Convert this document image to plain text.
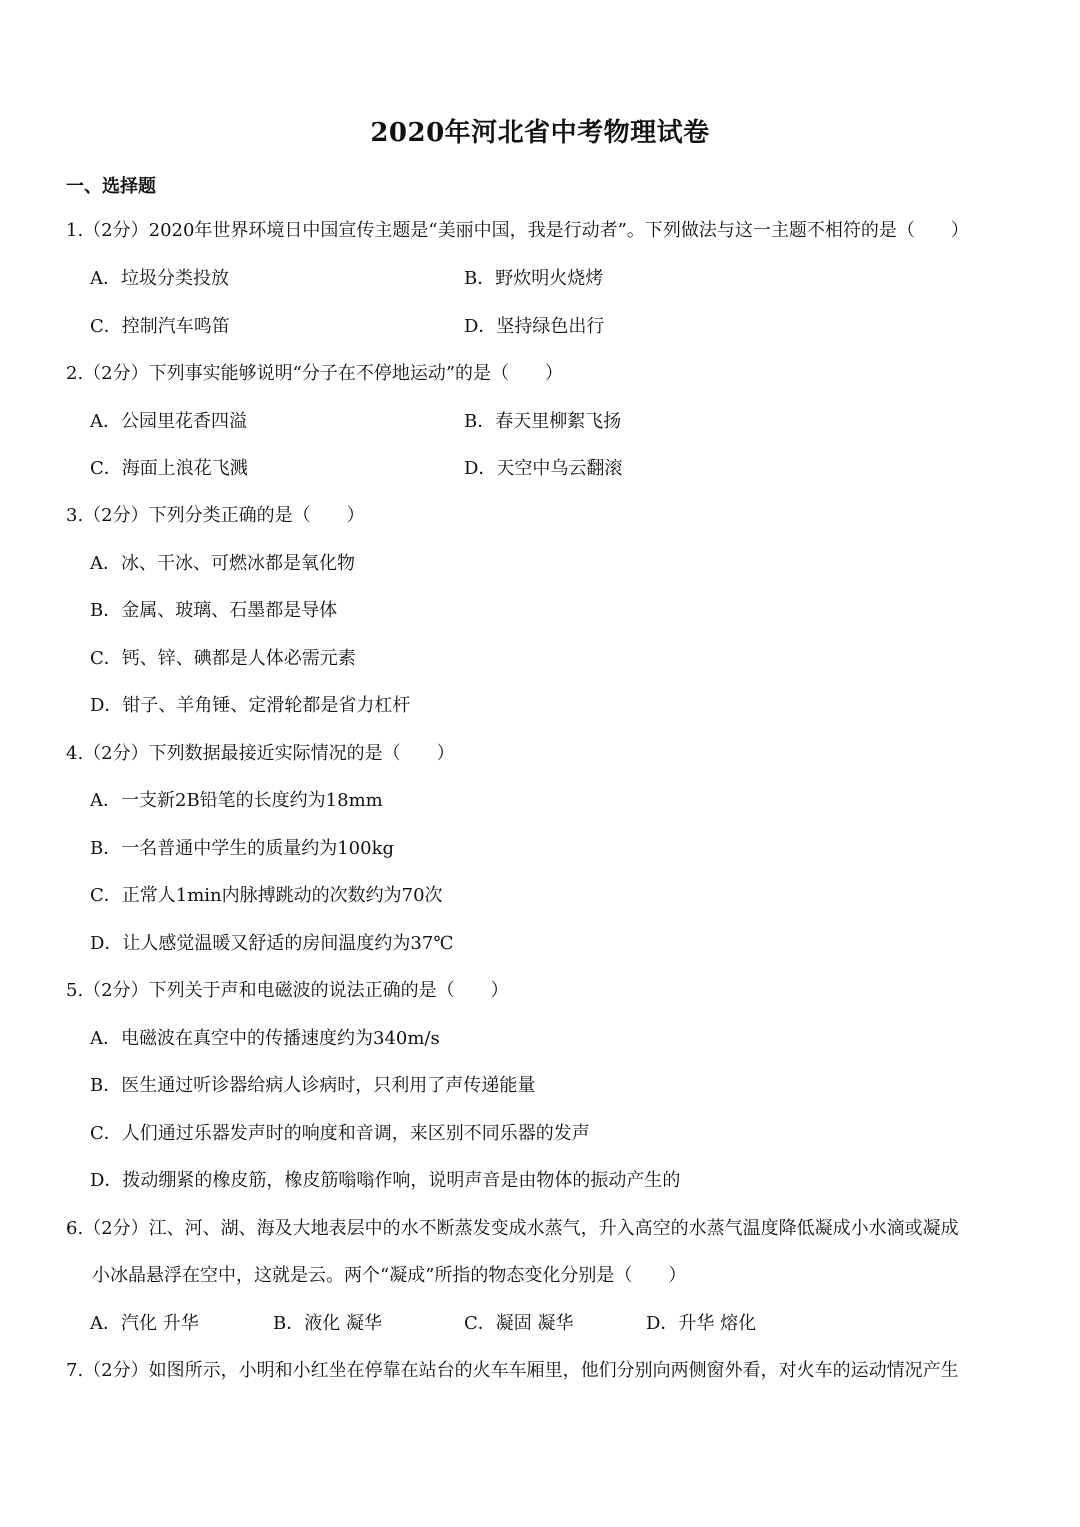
2020年河北省中考物理试卷
一、选择题
1.（2分）2020年世界环境日中国宣传主题是“美丽中国，我是行动者”。下列做法与这一主题不相符的是（　　）
A．垃圾分类投放	B．野炊明火烧烤
C．控制汽车鸣笛	D．坚持绿色出行
2.（2分）下列事实能够说明“分子在不停地运动”的是（　　）
A．公园里花香四溢	B．春天里柳絮飞扬
C．海面上浪花飞溅	D．天空中乌云翻滚
3.（2分）下列分类正确的是（　　）
A．冰、干冰、可燃冰都是氧化物
B．金属、玻璃、石墨都是导体
C．钙、锌、碘都是人体必需元素
D．钳子、羊角锤、定滑轮都是省力杠杆
4.（2分）下列数据最接近实际情况的是（　　）
A．一支新2B铅笔的长度约为18mm
B．一名普通中学生的质量约为100kg
C．正常人1min内脉搏跳动的次数约为70次
D．让人感觉温暖又舒适的房间温度约为37℃
5.（2分）下列关于声和电磁波的说法正确的是（　　）
A．电磁波在真空中的传播速度约为340m/s
B．医生通过听诊器给病人诊病时，只利用了声传递能量
C．人们通过乐器发声时的响度和音调，来区别不同乐器的发声
D．拨动绷紧的橡皮筋，橡皮筋嗡嗡作响，说明声音是由物体的振动产生的
6.（2分）江、河、湖、海及大地表层中的水不断蒸发变成水蒸气，升入高空的水蒸气温度降低凝成小水滴或凝成
小冰晶悬浮在空中，这就是云。两个“凝成”所指的物态变化分别是（　　）
A．汽化 升华	B．液化 凝华	C．凝固 凝华	D．升华 熔化
7.（2分）如图所示，小明和小红坐在停靠在站台的火车车厢里，他们分别向两侧窗外看，对火车的运动情况产生
